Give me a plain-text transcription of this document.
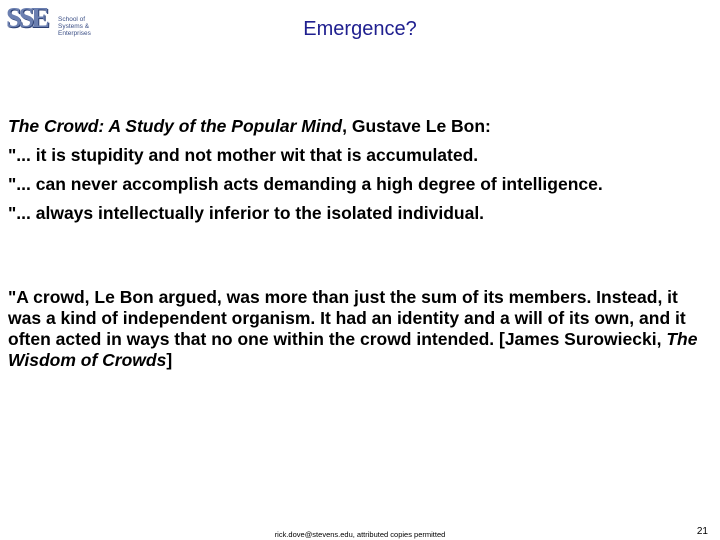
SSE	School of
Systems & Enterprises	Emergence?
The Crowd: A Study of the Popular Mind, Gustave Le Bon:
"... it is stupidity and not mother wit that is accumulated.
"... can never accomplish acts demanding a high degree of intelligence.
"... always intellectually inferior to the isolated individual.
"A crowd, Le Bon argued, was more than just the sum of its members. Instead, it was a kind of independent organism. It had an identity and a will of its own, and it often acted in ways that no one within the crowd intended. [James Surowiecki, The Wisdom of Crowds]
rick.dove@stevens.edu, attributed copies permitted	21
